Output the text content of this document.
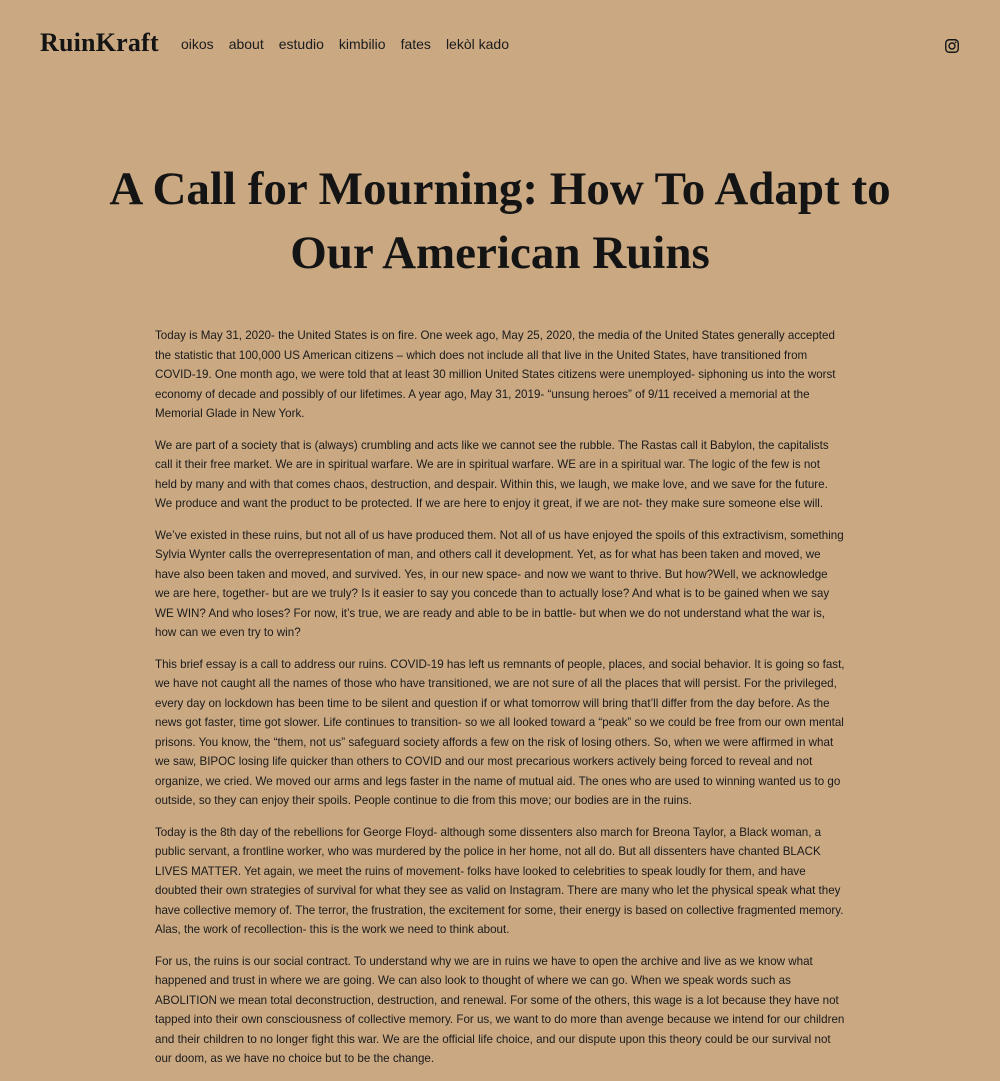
RuinKraft oikos about estudio kimbilio fates lekòl kado
A Call for Mourning: How To Adapt to Our American Ruins

Today is May 31, 2020- the United States is on fire. One week ago, May 25, 2020, the media of the United States generally accepted the statistic that 100,000 US American citizens – which does not include all that live in the United States, have transitioned from COVID-19. One month ago, we were told that at least 30 million United States citizens were unemployed- siphoning us into the worst economy of decade and possibly of our lifetimes. A year ago, May 31, 2019- “unsung heroes” of 9/11 received a memorial at the Memorial Glade in New York.

We are part of a society that is (always) crumbling and acts like we cannot see the rubble. The Rastas call it Babylon, the capitalists call it their free market. We are in spiritual warfare. We are in spiritual warfare. WE are in a spiritual war. The logic of the few is not held by many and with that comes chaos, destruction, and despair. Within this, we laugh, we make love, and we save for the future. We produce and want the product to be protected. If we are here to enjoy it great, if we are not- they make sure someone else will.

We’ve existed in these ruins, but not all of us have produced them. Not all of us have enjoyed the spoils of this extractivism, something Sylvia Wynter calls the overrepresentation of man, and others call it development. Yet, as for what has been taken and moved, we have also been taken and moved, and survived. Yes, in our new space- and now we want to thrive. But how?Well, we acknowledge we are here, together- but are we truly? Is it easier to say you concede than to actually lose? And what is to be gained when we say WE WIN? And who loses? For now, it’s true, we are ready and able to be in battle- but when we do not understand what the war is, how can we even try to win?

This brief essay is a call to address our ruins. COVID-19 has left us remnants of people, places, and social behavior. It is going so fast, we have not caught all the names of those who have transitioned, we are not sure of all the places that will persist. For the privileged, every day on lockdown has been time to be silent and question if or what tomorrow will bring that’ll differ from the day before. As the news got faster, time got slower. Life continues to transition- so we all looked toward a “peak” so we could be free from our own mental prisons. You know, the “them, not us” safeguard society affords a few on the risk of losing others. So, when we were affirmed in what we saw, BIPOC losing life quicker than others to COVID and our most precarious workers actively being forced to reveal and not organize, we cried. We moved our arms and legs faster in the name of mutual aid. The ones who are used to winning wanted us to go outside, so they can enjoy their spoils. People continue to die from this move; our bodies are in the ruins.

Today is the 8th day of the rebellions for George Floyd- although some dissenters also march for Breona Taylor, a Black woman, a public servant, a frontline worker, who was murdered by the police in her home, not all do. But all dissenters have chanted BLACK LIVES MATTER. Yet again, we meet the ruins of movement- folks have looked to celebrities to speak loudly for them, and have doubted their own strategies of survival for what they see as valid on Instagram. There are many who let the physical speak what they have collective memory of. The terror, the frustration, the excitement for some, their energy is based on collective fragmented memory. Alas, the work of recollection- this is the work we need to think about.

For us, the ruins is our social contract. To understand why we are in ruins we have to open the archive and live as we know what happened and trust in where we are going. We can also look to thought of where we can go. When we speak words such as ABOLITION we mean total deconstruction, destruction, and renewal. For some of the others, this wage is a lot because they have not tapped into their own consciousness of collective memory. For us, we want to do more than avenge because we intend for our children and their children to no longer fight this war. We are the official life choice, and our dispute upon this theory could be our survival not our doom, as we have no choice but to be the change.
